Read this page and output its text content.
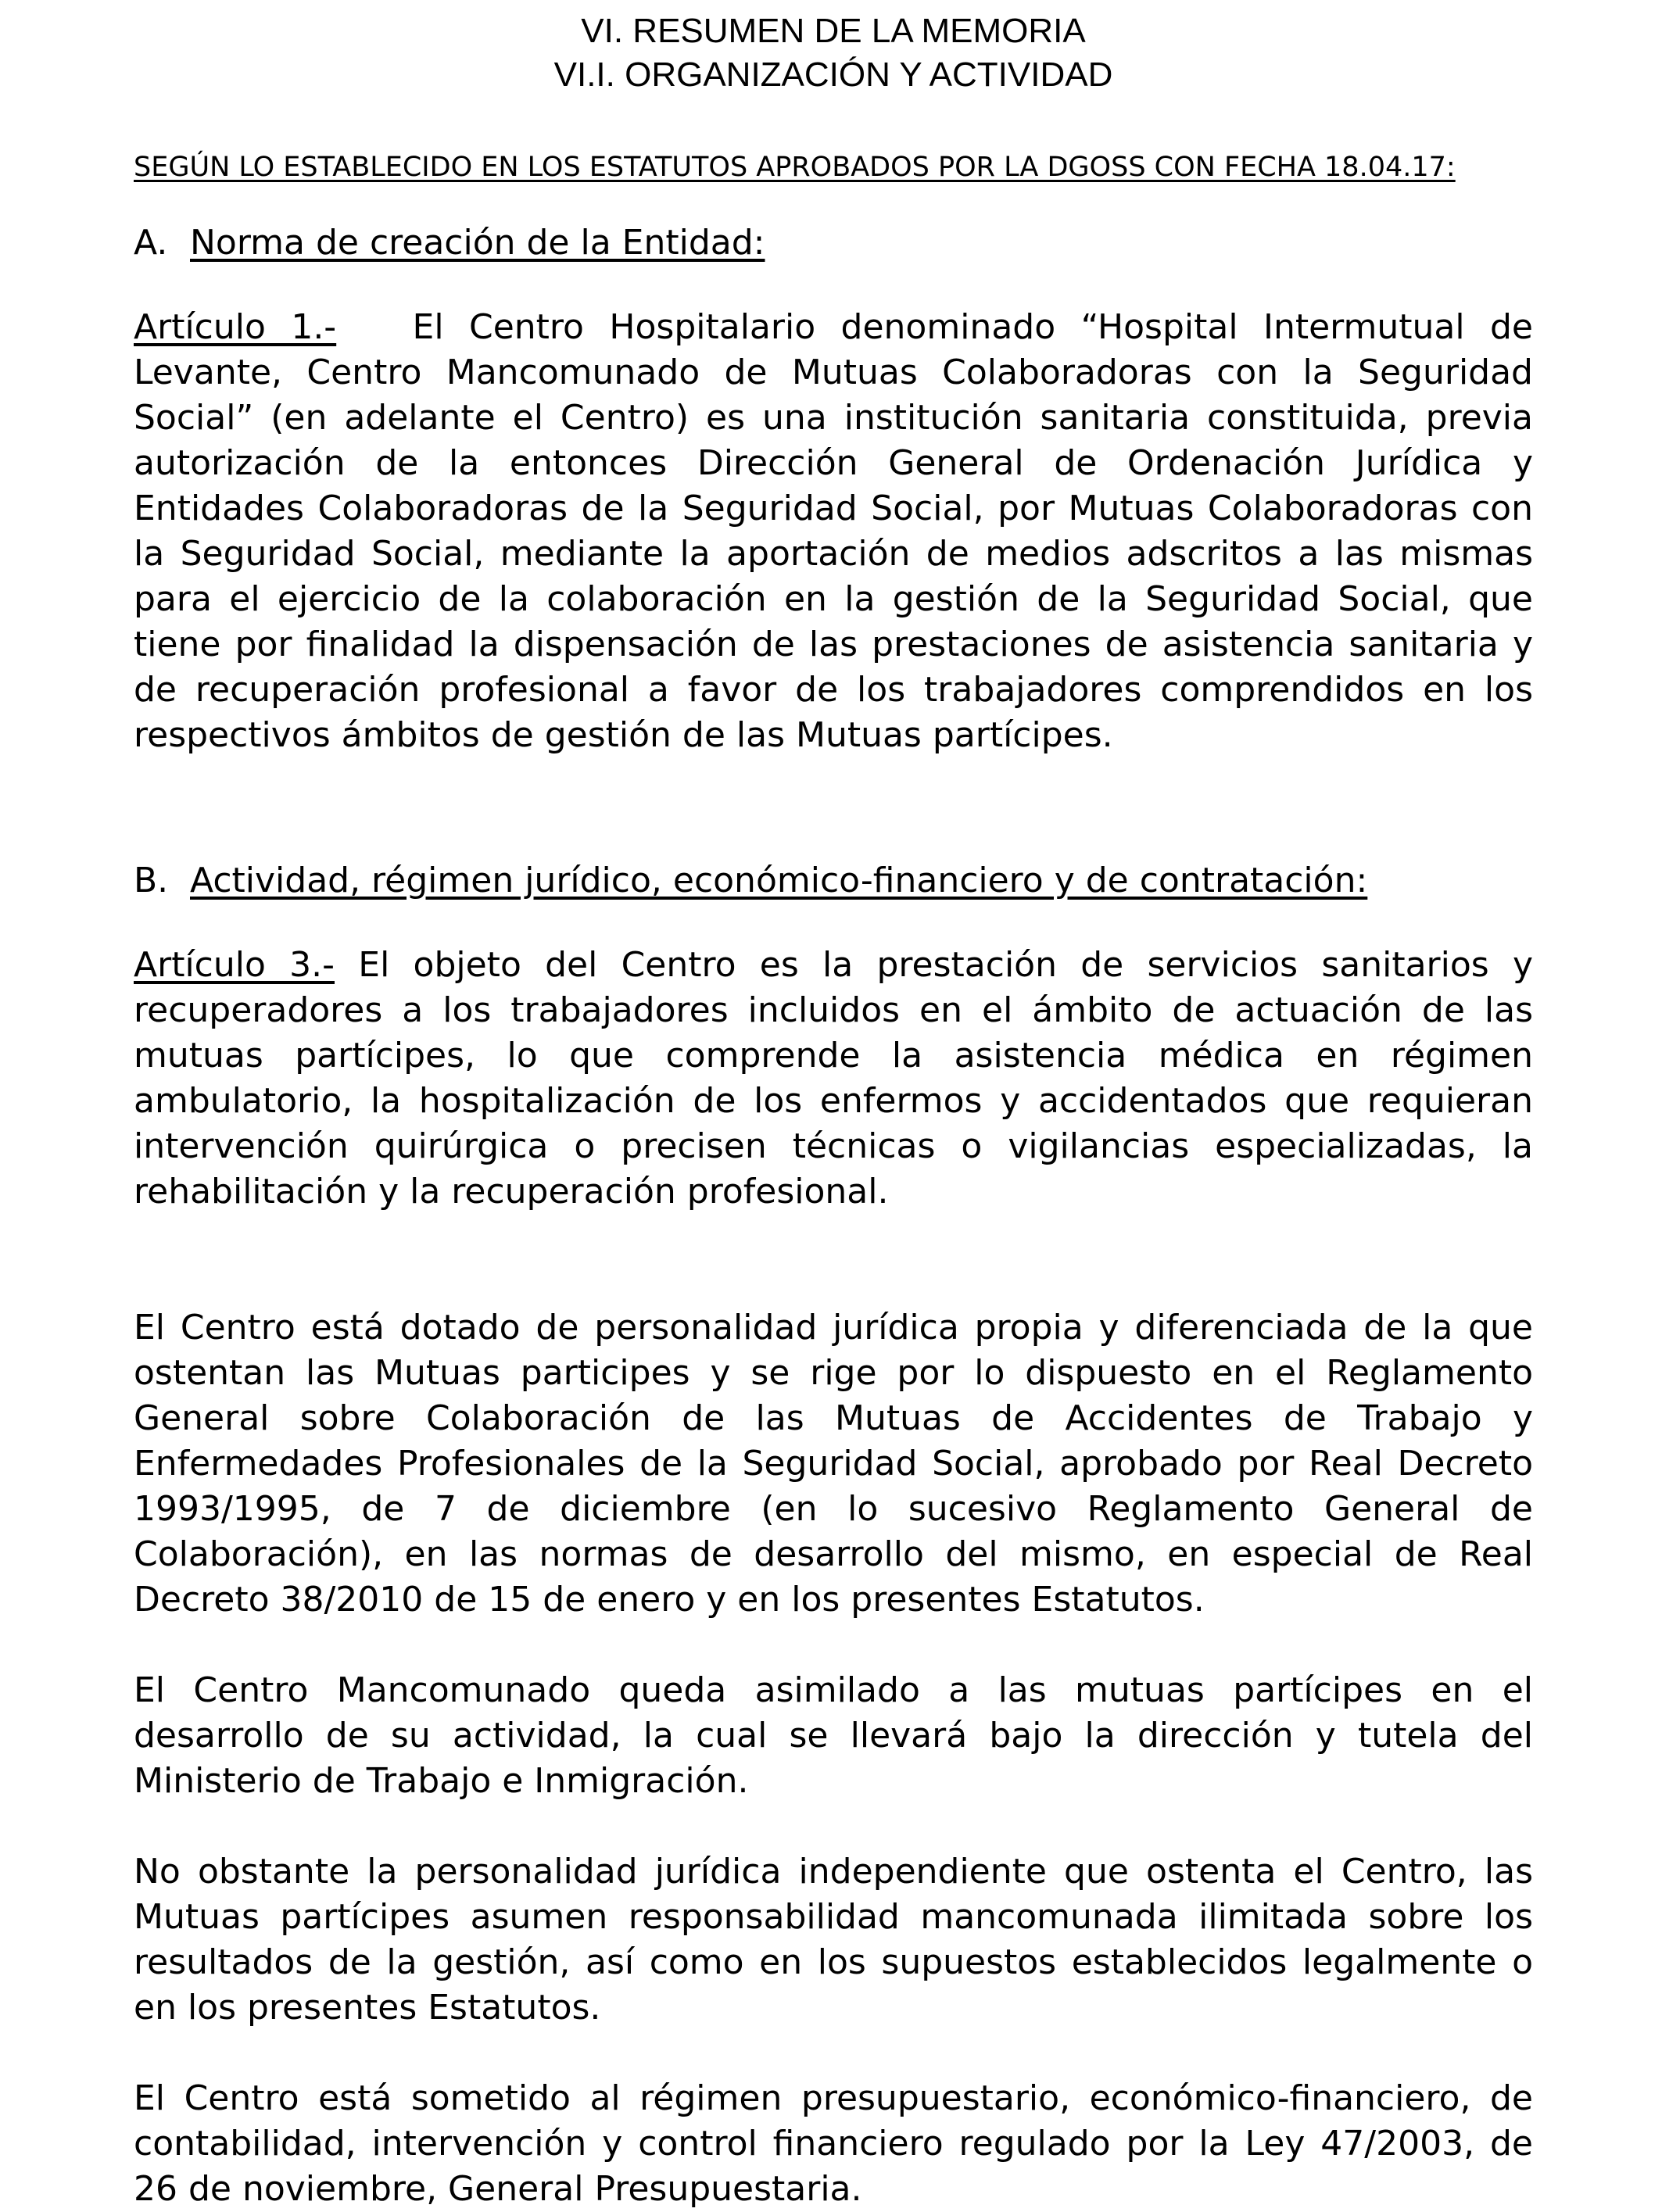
VI. RESUMEN DE LA MEMORIA
VI.I. ORGANIZACIÓN Y ACTIVIDAD
SEGÚN LO ESTABLECIDO EN LOS ESTATUTOS APROBADOS POR LA DGOSS CON FECHA 18.04.17:
A. Norma de creación de la Entidad:

Artículo 1.- El Centro Hospitalario denominado “Hospital Intermutual de Levante, Centro Mancomunado de Mutuas Colaboradoras con la Seguridad Social” (en adelante el Centro) es una institución sanitaria constituida, previa autorización de la entonces Dirección General de Ordenación Jurídica y Entidades Colaboradoras de la Seguridad Social, por Mutuas Colaboradoras con la Seguridad Social, mediante la aportación de medios adscritos a las mismas para el ejercicio de la colaboración en la gestión de la Seguridad Social, que tiene por finalidad la dispensación de las prestaciones de asistencia sanitaria y de recuperación profesional a favor de los trabajadores comprendidos en los respectivos ámbitos de gestión de las Mutuas partícipes.

B. Actividad, régimen jurídico, económico-financiero y de contratación:

Artículo 3.- El objeto del Centro es la prestación de servicios sanitarios y recuperadores a los trabajadores incluidos en el ámbito de actuación de las mutuas partícipes, lo que comprende la asistencia médica en régimen ambulatorio, la hospitalización de los enfermos y accidentados que requieran intervención quirúrgica o precisen técnicas o vigilancias especializadas, la rehabilitación y la recuperación profesional.

El Centro está dotado de personalidad jurídica propia y diferenciada de la que ostentan las Mutuas participes y se rige por lo dispuesto en el Reglamento General sobre Colaboración de las Mutuas de Accidentes de Trabajo y Enfermedades Profesionales de la Seguridad Social, aprobado por Real Decreto 1993/1995, de 7 de diciembre (en lo sucesivo Reglamento General de Colaboración), en las normas de desarrollo del mismo, en especial de Real Decreto 38/2010 de 15 de enero y en los presentes Estatutos.

El Centro Mancomunado queda asimilado a las mutuas partícipes en el desarrollo de su actividad, la cual se llevará bajo la dirección y tutela del Ministerio de Trabajo e Inmigración.

No obstante la personalidad jurídica independiente que ostenta el Centro, las Mutuas partícipes asumen responsabilidad mancomunada ilimitada sobre los resultados de la gestión, así como en los supuestos establecidos legalmente o en los presentes Estatutos.

El Centro está sometido al régimen presupuestario, económico-financiero, de contabilidad, intervención y control financiero regulado por la Ley 47/2003, de 26 de noviembre, General Presupuestaria.
